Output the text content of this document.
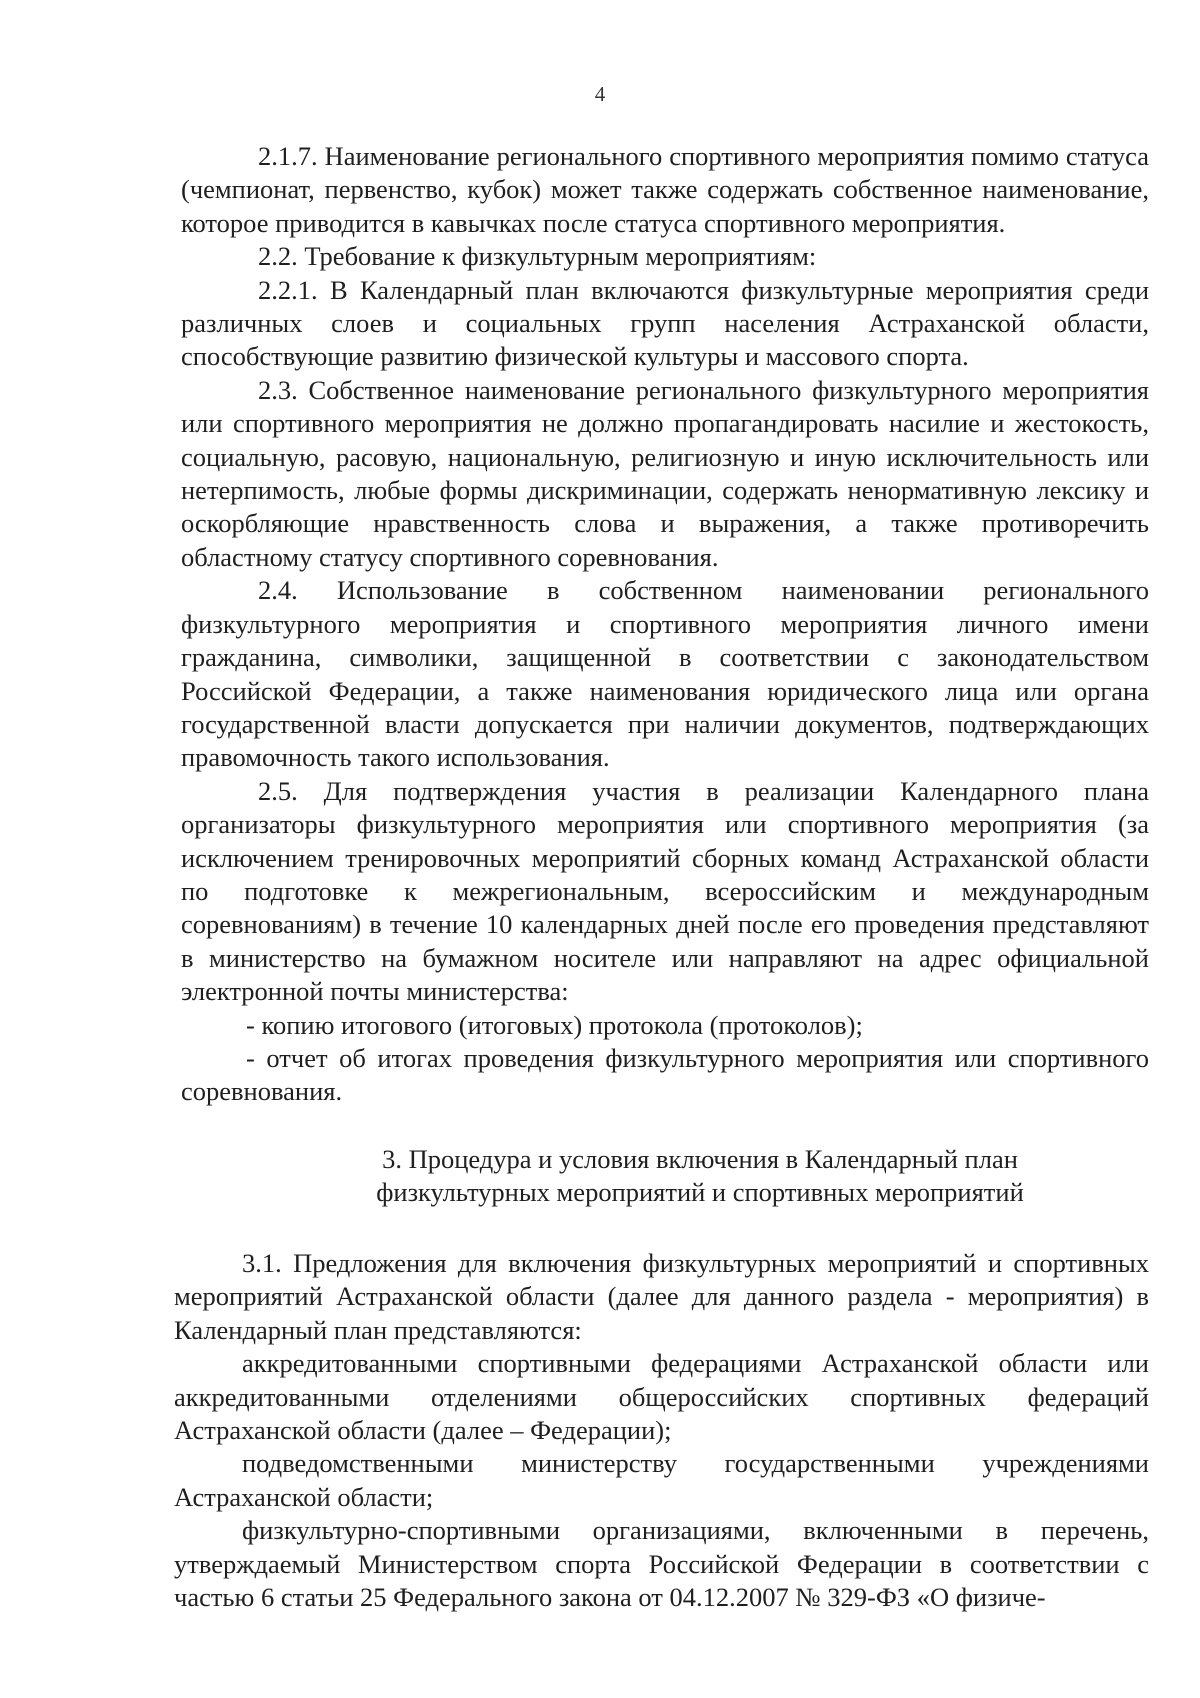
4

2.1.7. Наименование регионального спортивного мероприятия помимо статуса (чемпионат, первенство, кубок) может также содержать собственное наименование, которое приводится в кавычках после статуса спортивного мероприятия.

2.2. Требование к физкультурным мероприятиям:

2.2.1. В Календарный план включаются физкультурные мероприятия среди различных слоев и социальных групп населения Астраханской области, способствующие развитию физической культуры и массового спорта.

2.3. Собственное наименование регионального физкультурного мероприятия или спортивного мероприятия не должно пропагандировать насилие и жестокость, социальную, расовую, национальную, религиозную и иную исключительность или нетерпимость, любые формы дискриминации, содержать ненормативную лексику и оскорбляющие нравственность слова и выражения, а также противоречить областному статусу спортивного соревнования.

2.4. Использование в собственном наименовании регионального физкультурного мероприятия и спортивного мероприятия личного имени гражданина, символики, защищенной в соответствии с законодательством Российской Федерации, а также наименования юридического лица или органа государственной власти допускается при наличии документов, подтверждающих правомочность такого использования.

2.5. Для подтверждения участия в реализации Календарного плана организаторы физкультурного мероприятия или спортивного мероприятия (за исключением тренировочных мероприятий сборных команд Астраханской области по подготовке к межрегиональным, всероссийским и международным соревнованиям) в течение 10 календарных дней после его проведения представляют в министерство на бумажном носителе или направляют на адрес официальной электронной почты министерства:

- копию итогового (итоговых) протокола (протоколов);

- отчет об итогах проведения физкультурного мероприятия или спортивного соревнования.

3. Процедура и условия включения в Календарный план
физкультурных мероприятий и спортивных мероприятий

3.1. Предложения для включения физкультурных мероприятий и спортивных мероприятий Астраханской области (далее для данного раздела - мероприятия) в Календарный план представляются:

аккредитованными спортивными федерациями Астраханской области или аккредитованными отделениями общероссийских спортивных федераций Астраханской области (далее – Федерации);

подведомственными министерству государственными учреждениями Астраханской области;

физкультурно-спортивными организациями, включенными в перечень, утверждаемый Министерством спорта Российской Федерации в соответствии с частью 6 статьи 25 Федерального закона от 04.12.2007 № 329-ФЗ «О физиче-
